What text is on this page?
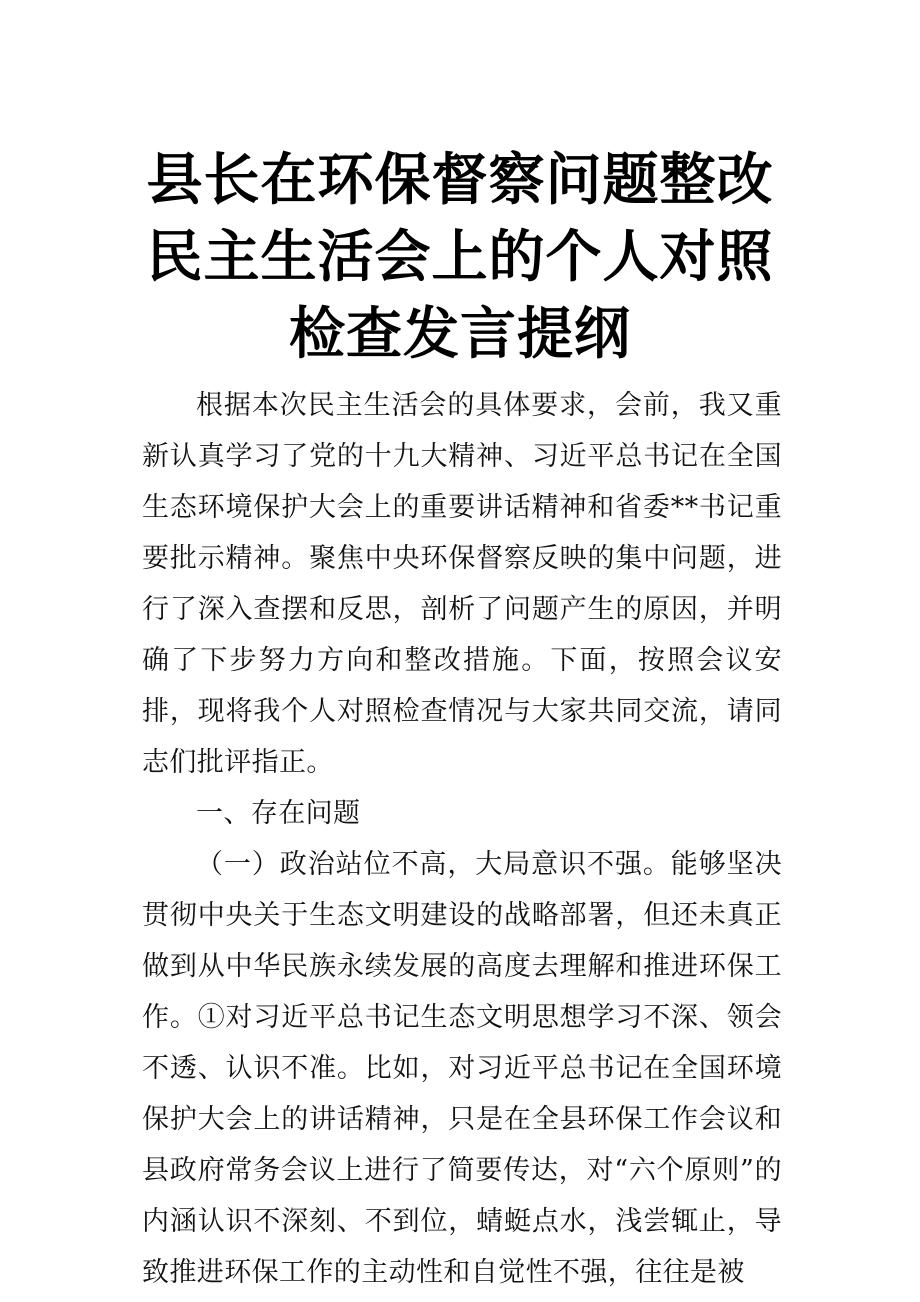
县长在环保督察问题整改
民主生活会上的个人对照
检查发言提纲

根据本次民主生活会的具体要求，会前，我又重新认真学习了党的十九大精神、习近平总书记在全国生态环境保护大会上的重要讲话精神和省委**书记重要批示精神。聚焦中央环保督察反映的集中问题，进行了深入查摆和反思，剖析了问题产生的原因，并明确了下步努力方向和整改措施。下面，按照会议安排，现将我个人对照检查情况与大家共同交流，请同志们批评指正。

一、存在问题

（一）政治站位不高，大局意识不强。能够坚决贯彻中央关于生态文明建设的战略部署，但还未真正做到从中华民族永续发展的高度去理解和推进环保工作。①对习近平总书记生态文明思想学习不深、领会不透、认识不准。比如，对习近平总书记在全国环境保护大会上的讲话精神，只是在全县环保工作会议和县政府常务会议上进行了简要传达，对“六个原则”的内涵认识不深刻、不到位，蜻蜓点水，浅尝辄止，导致推进环保工作的主动性和自觉性不强，往往是被
